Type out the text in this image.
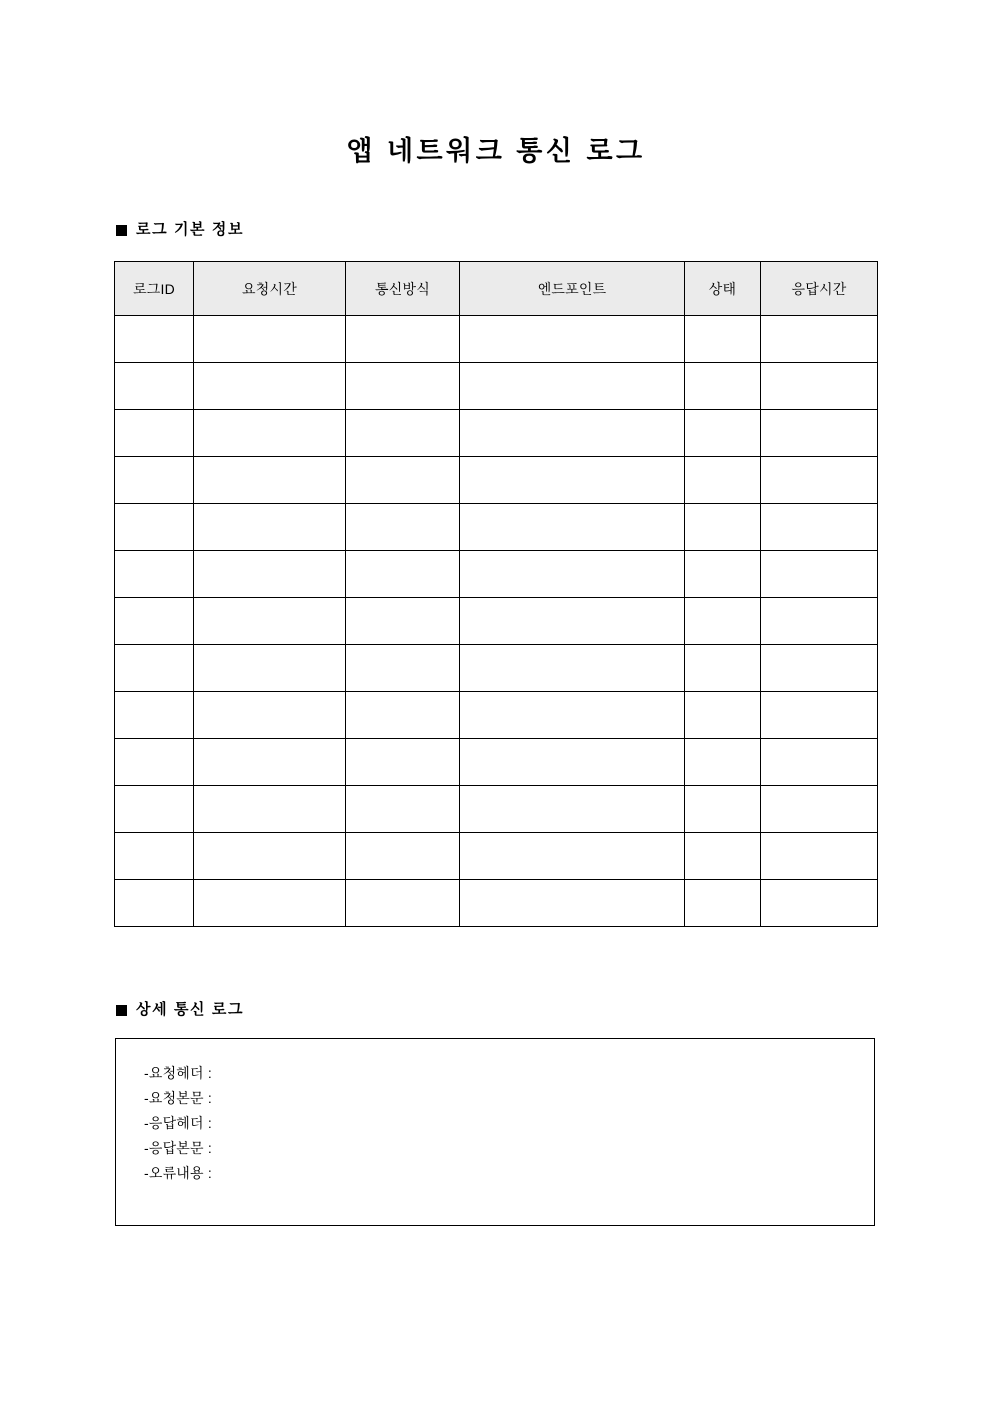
앱 네트워크 통신 로그
로그 기본 정보
로그ID	요청시간	통신방식	엔드포인트	상태	응답시간

상세 통신 로그
-요청헤더 :
-요청본문 :
-응답헤더 :
-응답본문 :
-오류내용 :
